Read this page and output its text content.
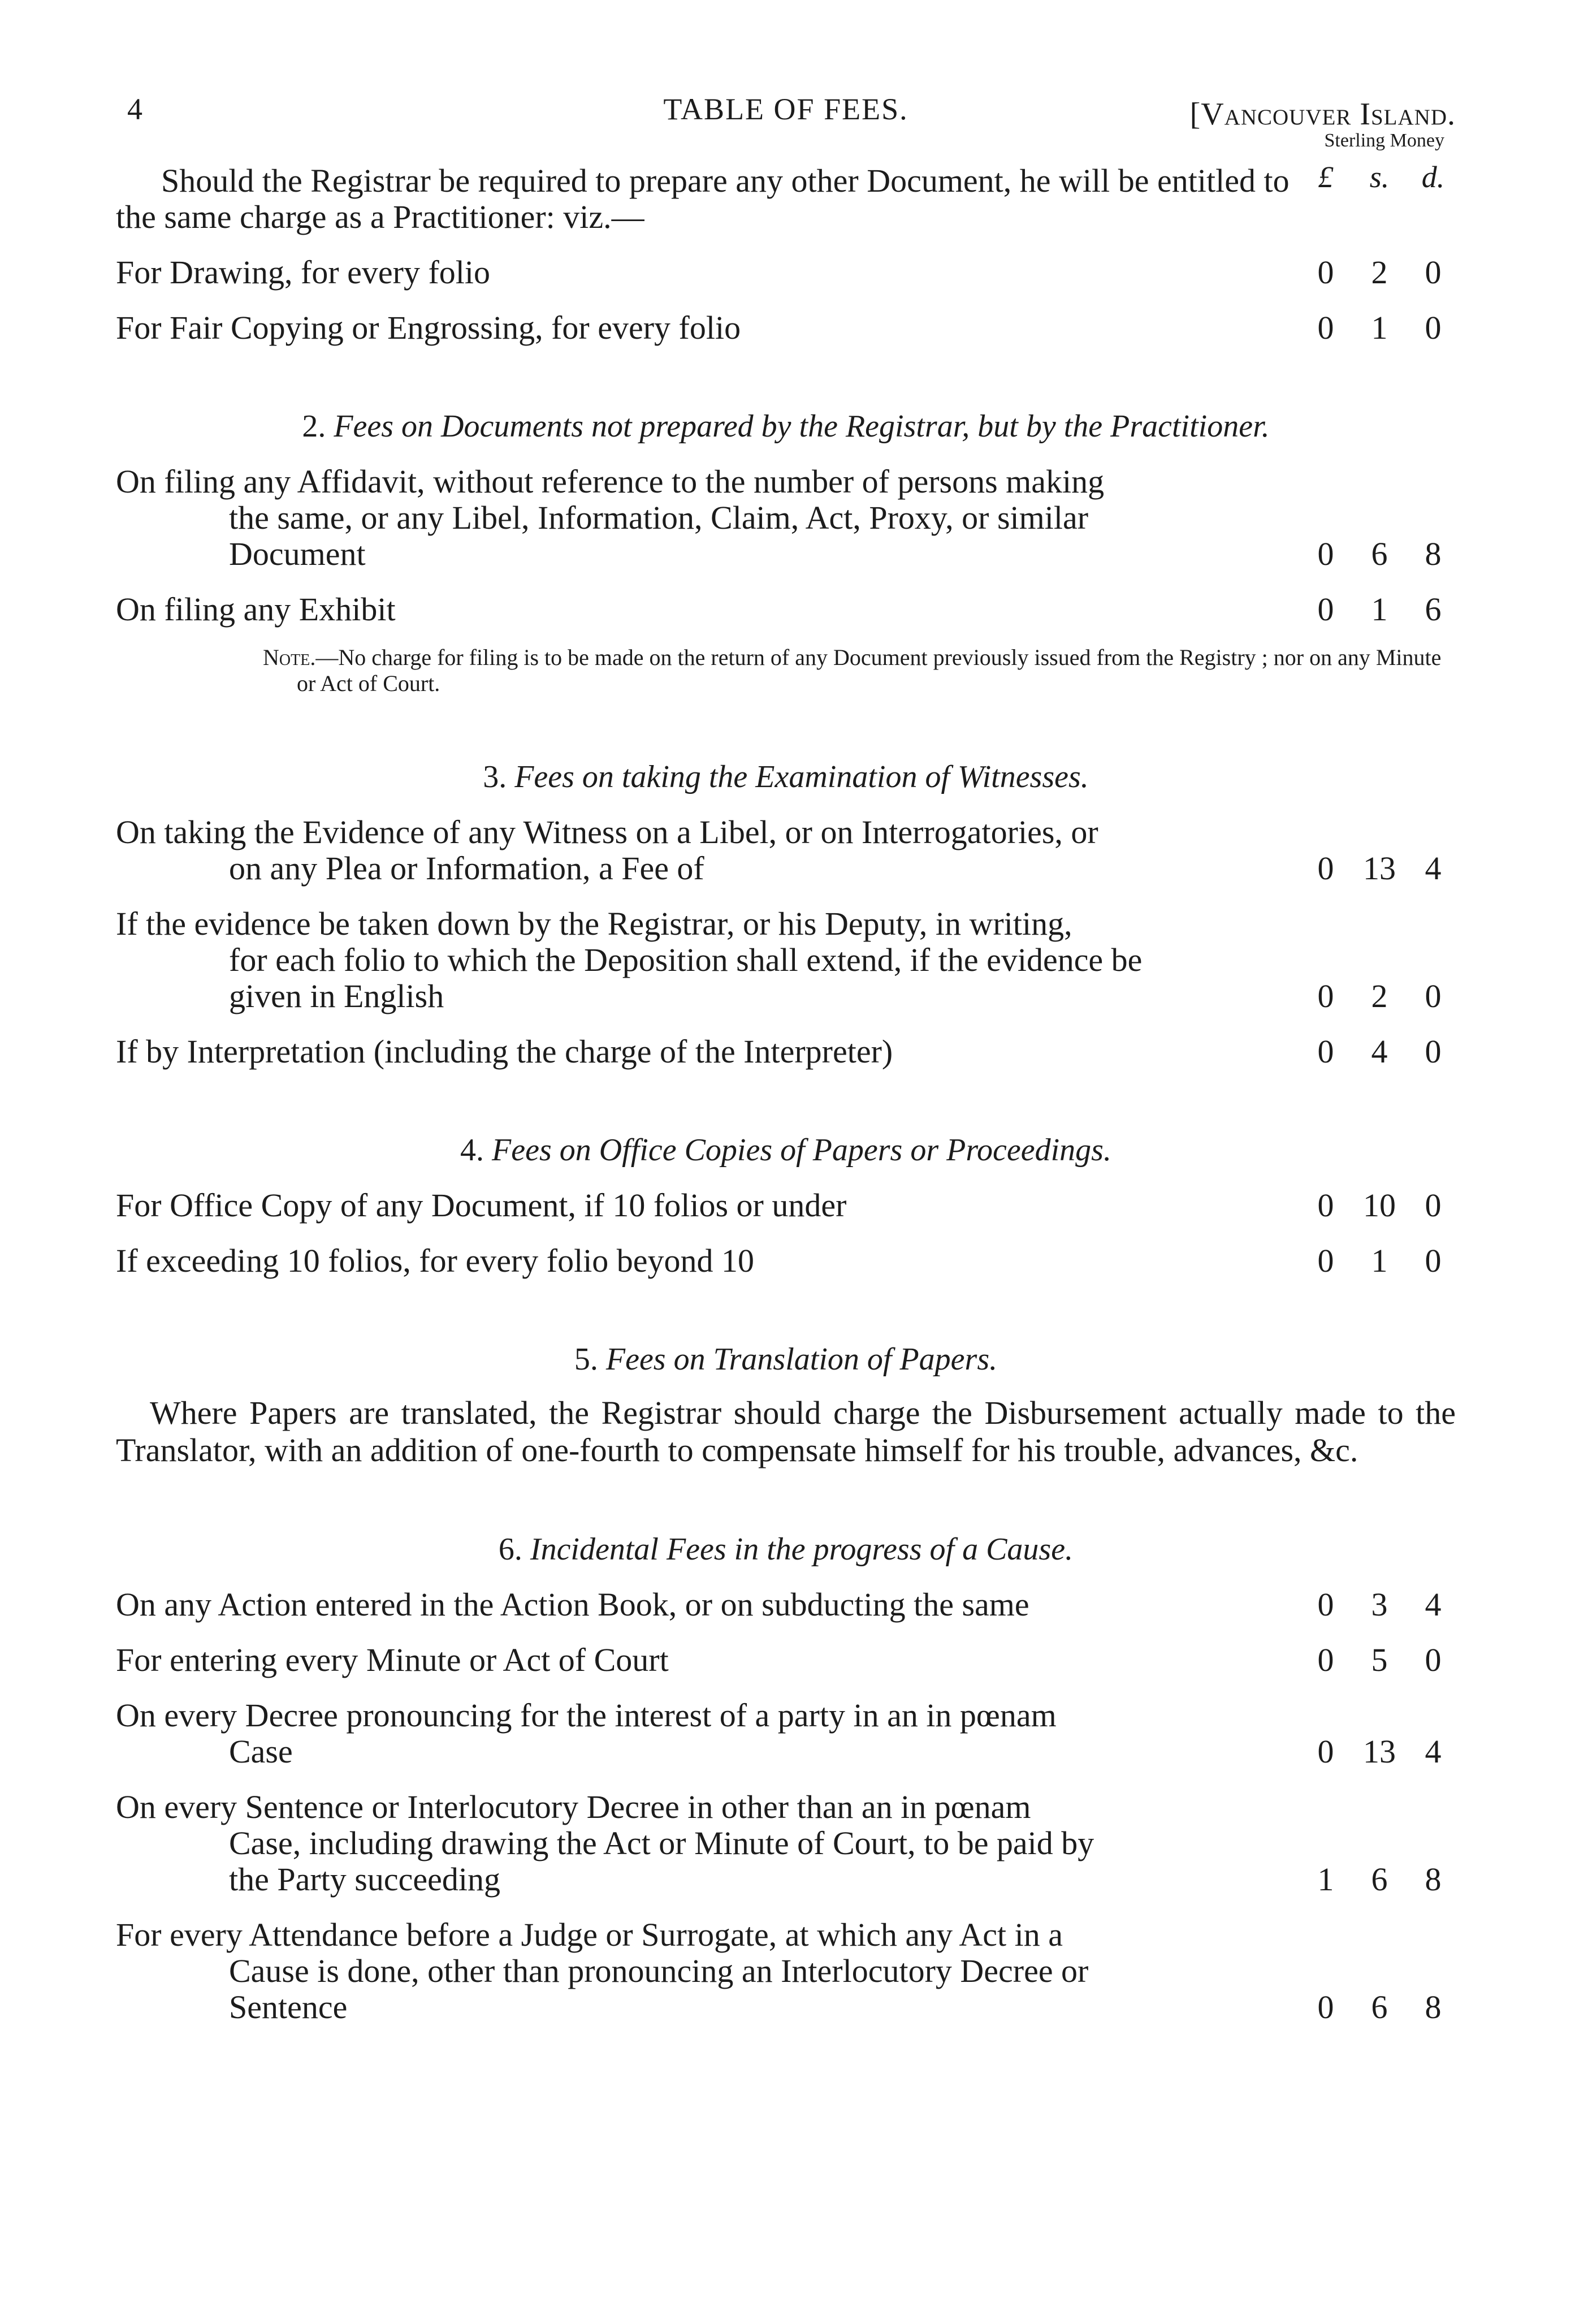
4	TABLE OF FEES.	[Vancouver Island.
Sterling Money
£	s.	d.

Should the Registrar be required to prepare any other Document, he will be entitled to the same charge as a Practitioner: viz.—

For Drawing, for every folio	0	2	0
For Fair Copying or Engrossing, for every folio	0	1	0
2. Fees on Documents not prepared by the Registrar, but by the Practitioner.
On filing any Affidavit, without reference to the number of persons making
the same, or any Libel, Information, Claim, Act, Proxy, or similar
Document	0	6	8
On filing any Exhibit	0	1	6

Note.—No charge for filing is to be made on the return of any Document previously issued from the Registry ; nor on any Minute or Act of Court.

3. Fees on taking the Examination of Witnesses.
On taking the Evidence of any Witness on a Libel, or on Interrogatories, or
on any Plea or Information, a Fee of	0 13 4
If the evidence be taken down by the Registrar, or his Deputy, in writing,
for each folio to which the Deposition shall extend, if the evidence be
given in English	0	2	0
If by Interpretation (including the charge of the Interpreter)	0	4	0
4. Fees on Office Copies of Papers or Proceedings.
For Office Copy of any Document, if 10 folios or under	0 10 0
If exceeding 10 folios, for every folio beyond 10	0	1	0
5. Fees on Translation of Papers.

Where Papers are translated, the Registrar should charge the Disbursement actually made to the Translator, with an addition of one-fourth to compensate himself for his trouble, advances, &c.

6. Incidental Fees in the progress of a Cause.
On any Action entered in the Action Book, or on subducting the same	0	3	4
For entering every Minute or Act of Court	0	5	0
On every Decree pronouncing for the interest of a party in an in pœnam
Case	0 13 4
On every Sentence or Interlocutory Decree in other than an in pœnam
Case, including drawing the Act or Minute of Court, to be paid by
the Party succeeding	1	6	8
For every Attendance before a Judge or Surrogate, at which any Act in a
Cause is done, other than pronouncing an Interlocutory Decree or
Sentence	0	6	8
